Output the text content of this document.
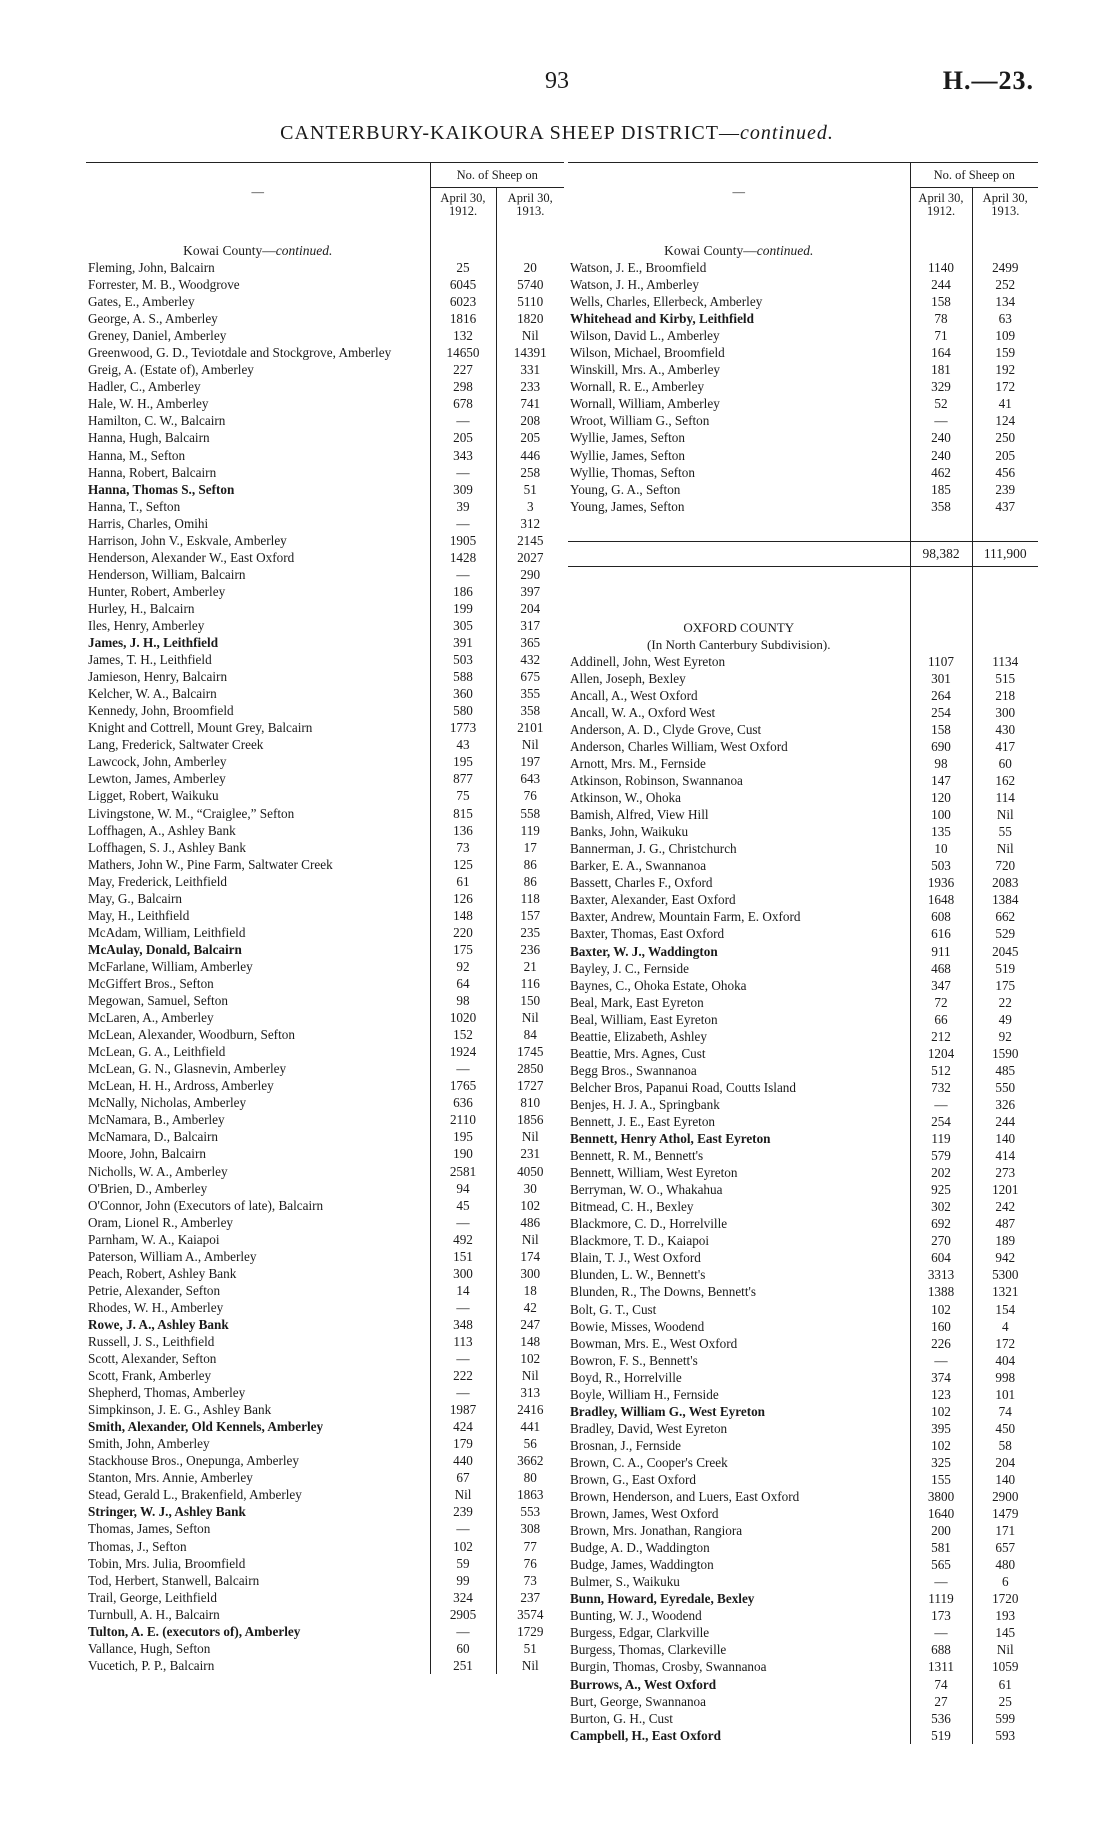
93	H.—23.
CANTERBURY-KAIKOURA SHEEP DISTRICT—continued.
—	No. of Sheep on	
	April 30, 1912.	April 30, 1913.

Kowai County—continued.		
Fleming, John, Balcairn	25	20
Forrester, M. B., Woodgrove	6045	5740
Gates, E., Amberley	6023	5110
George, A. S., Amberley	1816	1820
Greney, Daniel, Amberley	132	Nil
Greenwood, G. D., Teviotdale and Stockgrove, Amberley	14650	14391
Greig, A. (Estate of), Amberley	227	331
Hadler, C., Amberley	298	233
Hale, W. H., Amberley	678	741
Hamilton, C. W., Balcairn	—	208
Hanna, Hugh, Balcairn	205	205
Hanna, M., Sefton	343	446
Hanna, Robert, Balcairn	—	258
Hanna, Thomas S., Sefton	309	51
Hanna, T., Sefton	39	3
Harris, Charles, Omihi	—	312
Harrison, John V., Eskvale, Amberley	1905	2145
Henderson, Alexander W., East Oxford	1428	2027
Henderson, William, Balcairn	—	290
Hunter, Robert, Amberley	186	397
Hurley, H., Balcairn	199	204
Iles, Henry, Amberley	305	317
James, J. H., Leithfield	391	365
James, T. H., Leithfield	503	432
Jamieson, Henry, Balcairn	588	675
Kelcher, W. A., Balcairn	360	355
Kennedy, John, Broomfield	580	358
Knight and Cottrell, Mount Grey, Balcairn	1773	2101
Lang, Frederick, Saltwater Creek	43	Nil
Lawcock, John, Amberley	195	197
Lewton, James, Amberley	877	643
Ligget, Robert, Waikuku	75	76
Livingstone, W. M., “Craiglee,” Sefton	815	558
Loffhagen, A., Ashley Bank	136	119
Loffhagen, S. J., Ashley Bank	73	17
Mathers, John W., Pine Farm, Saltwater Creek	125	86
May, Frederick, Leithfield	61	86
May, G., Balcairn	126	118
May, H., Leithfield	148	157
McAdam, William, Leithfield	220	235
McAulay, Donald, Balcairn	175	236
McFarlane, William, Amberley	92	21
McGiffert Bros., Sefton	64	116
Megowan, Samuel, Sefton	98	150
McLaren, A., Amberley	1020	Nil
McLean, Alexander, Woodburn, Sefton	152	84
McLean, G. A., Leithfield	1924	1745
McLean, G. N., Glasnevin, Amberley	—	2850
McLean, H. H., Ardross, Amberley	1765	1727
McNally, Nicholas, Amberley	636	810
McNamara, B., Amberley	2110	1856
McNamara, D., Balcairn	195	Nil
Moore, John, Balcairn	190	231
Nicholls, W. A., Amberley	2581	4050
O'Brien, D., Amberley	94	30
O'Connor, John (Executors of late), Balcairn	45	102
Oram, Lionel R., Amberley	—	486
Parnham, W. A., Kaiapoi	492	Nil
Paterson, William A., Amberley	151	174
Peach, Robert, Ashley Bank	300	300
Petrie, Alexander, Sefton	14	18
Rhodes, W. H., Amberley	—	42
Rowe, J. A., Ashley Bank	348	247
Russell, J. S., Leithfield	113	148
Scott, Alexander, Sefton	—	102
Scott, Frank, Amberley	222	Nil
Shepherd, Thomas, Amberley	—	313
Simpkinson, J. E. G., Ashley Bank	1987	2416
Smith, Alexander, Old Kennels, Amberley	424	441
Smith, John, Amberley	179	56
Stackhouse Bros., Onepunga, Amberley	440	3662
Stanton, Mrs. Annie, Amberley	67	80
Stead, Gerald L., Brakenfield, Amberley	Nil	1863
Stringer, W. J., Ashley Bank	239	553
Thomas, James, Sefton	—	308
Thomas, J., Sefton	102	77
Tobin, Mrs. Julia, Broomfield	59	76
Tod, Herbert, Stanwell, Balcairn	99	73
Trail, George, Leithfield	324	237
Turnbull, A. H., Balcairn	2905	3574
Tulton, A. E. (executors of), Amberley	—	1729
Vallance, Hugh, Sefton	60	51
Vucetich, P. P., Balcairn	251	Nil
—	No. of Sheep on	
	April 30, 1912.	April 30, 1913.

Kowai County—continued.		
Watson, J. E., Broomfield	1140	2499
Watson, J. H., Amberley	244	252
Wells, Charles, Ellerbeck, Amberley	158	134
Whitehead and Kirby, Leithfield	78	63
Wilson, David L., Amberley	71	109
Wilson, Michael, Broomfield	164	159
Winskill, Mrs. A., Amberley	181	192
Wornall, R. E., Amberley	329	172
Wornall, William, Amberley	52	41
Wroot, William G., Sefton	—	124
Wyllie, James, Sefton	240	250
Wyllie, James, Sefton	240	205
Wyllie, Thomas, Sefton	462	456
Young, G. A., Sefton	185	239
Young, James, Sefton	358	437

	98,382	111,900

OXFORD COUNTY		
(In North Canterbury Subdivision).		
Addinell, John, West Eyreton	1107	1134
Allen, Joseph, Bexley	301	515
Ancall, A., West Oxford	264	218
Ancall, W. A., Oxford West	254	300
Anderson, A. D., Clyde Grove, Cust	158	430
Anderson, Charles William, West Oxford	690	417
Arnott, Mrs. M., Fernside	98	60
Atkinson, Robinson, Swannanoa	147	162
Atkinson, W., Ohoka	120	114
Bamish, Alfred, View Hill	100	Nil
Banks, John, Waikuku	135	55
Bannerman, J. G., Christchurch	10	Nil
Barker, E. A., Swannanoa	503	720
Bassett, Charles F., Oxford	1936	2083
Baxter, Alexander, East Oxford	1648	1384
Baxter, Andrew, Mountain Farm, E. Oxford	608	662
Baxter, Thomas, East Oxford	616	529
Baxter, W. J., Waddington	911	2045
Bayley, J. C., Fernside	468	519
Baynes, C., Ohoka Estate, Ohoka	347	175
Beal, Mark, East Eyreton	72	22
Beal, William, East Eyreton	66	49
Beattie, Elizabeth, Ashley	212	92
Beattie, Mrs. Agnes, Cust	1204	1590
Begg Bros., Swannanoa	512	485
Belcher Bros, Papanui Road, Coutts Island	732	550
Benjes, H. J. A., Springbank	—	326
Bennett, J. E., East Eyreton	254	244
Bennett, Henry Athol, East Eyreton	119	140
Bennett, R. M., Bennett's	579	414
Bennett, William, West Eyreton	202	273
Berryman, W. O., Whakahua	925	1201
Bitmead, C. H., Bexley	302	242
Blackmore, C. D., Horrelville	692	487
Blackmore, T. D., Kaiapoi	270	189
Blain, T. J., West Oxford	604	942
Blunden, L. W., Bennett's	3313	5300
Blunden, R., The Downs, Bennett's	1388	1321
Bolt, G. T., Cust	102	154
Bowie, Misses, Woodend	160	4
Bowman, Mrs. E., West Oxford	226	172
Bowron, F. S., Bennett's	—	404
Boyd, R., Horrelville	374	998
Boyle, William H., Fernside	123	101
Bradley, William G., West Eyreton	102	74
Bradley, David, West Eyreton	395	450
Brosnan, J., Fernside	102	58
Brown, C. A., Cooper's Creek	325	204
Brown, G., East Oxford	155	140
Brown, Henderson, and Luers, East Oxford	3800	2900
Brown, James, West Oxford	1640	1479
Brown, Mrs. Jonathan, Rangiora	200	171
Budge, A. D., Waddington	581	657
Budge, James, Waddington	565	480
Bulmer, S., Waikuku	—	6
Bunn, Howard, Eyredale, Bexley	1119	1720
Bunting, W. J., Woodend	173	193
Burgess, Edgar, Clarkville	—	145
Burgess, Thomas, Clarkeville	688	Nil
Burgin, Thomas, Crosby, Swannanoa	1311	1059
Burrows, A., West Oxford	74	61
Burt, George, Swannanoa	27	25
Burton, G. H., Cust	536	599
Campbell, H., East Oxford	519	593
